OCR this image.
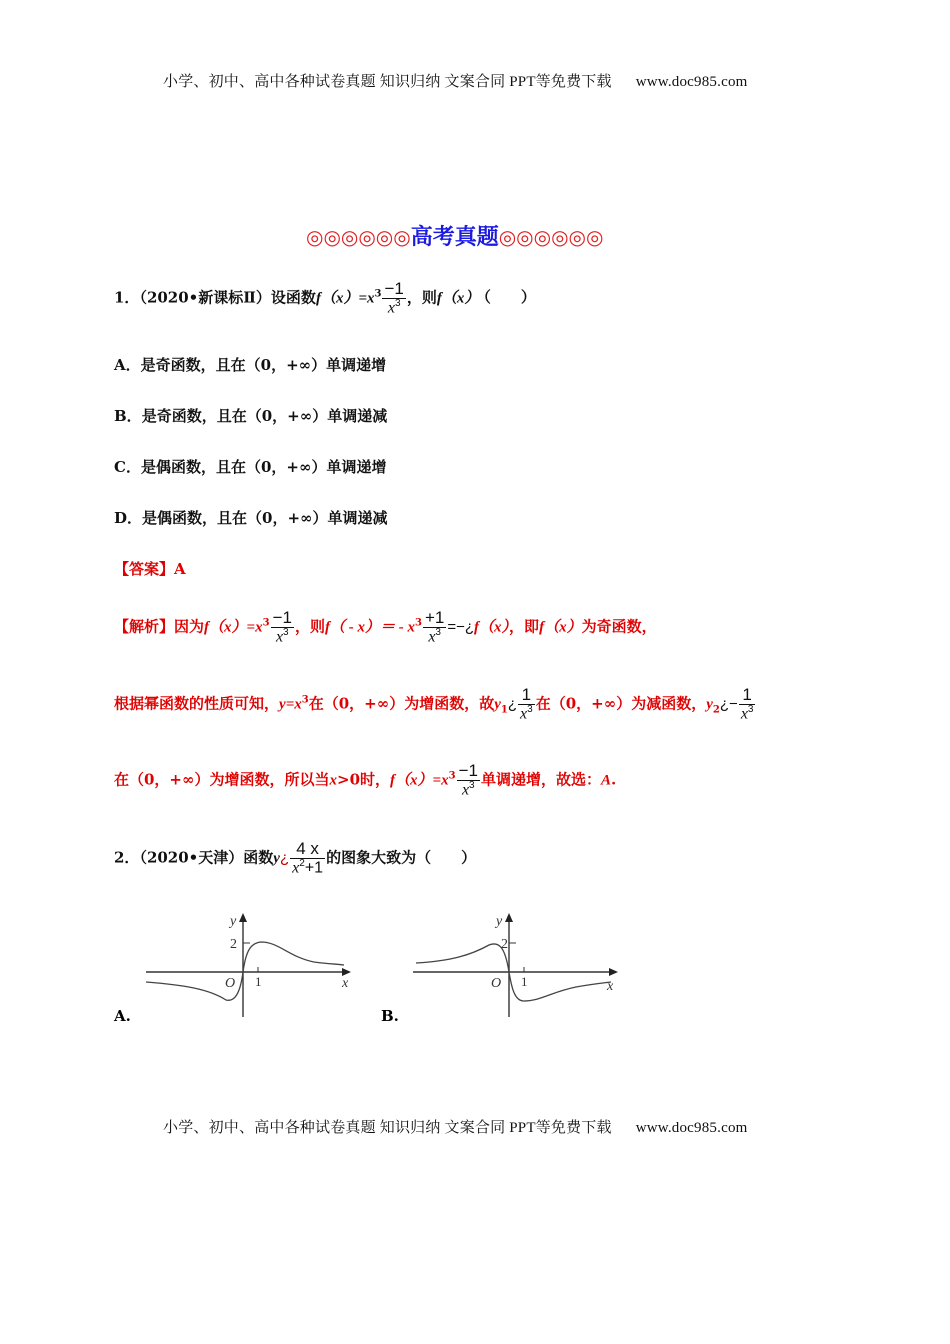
小学、初中、高中各种试卷真题 知识归纳 文案合同 PPT等免费下载 www.doc985.com
◎◎◎◎◎◎高考真题◎◎◎◎◎◎
1．（2020•新课标Ⅱ）设函数$f(x)=x^3 \frac{-1}{x^3}$ ，则f（x） （　　）
A．是奇函数，且在（0，+∞）单调递增
B．是奇函数，且在（0，+∞）单调递减
C．是偶函数，且在（0，+∞）单调递增
D．是偶函数，且在（0，+∞）单调递减
【答案】A
【解析】因为$f(x)=x^3 \frac{-1}{x^3}$ ，则$f( - x)= - x^3 \frac{+1}{x^3}$ =−¿f（x），即f（x）为奇函数，
根据幂函数的性质可知，$y=x^3$在（0，+∞）为增函数，故$y_1¿ \frac{1}{x^3}$ 在（0，+∞）为减函数，$y_2¿- \frac{1}{x^3}$
在（0，+∞）为增函数，所以当x>0时，$f(x)=x^3 \frac{-1}{x^3}$ 单调递增，故选：A.
2．（2020•天津）函数y¿ $\frac{4 x}{x^2+1}$ 的图象大致为（　　）
y
2
O 1	x
A.
y
2
O 1	x
B.
小学、初中、高中各种试卷真题 知识归纳 文案合同 PPT等免费下载 www.doc985.com
